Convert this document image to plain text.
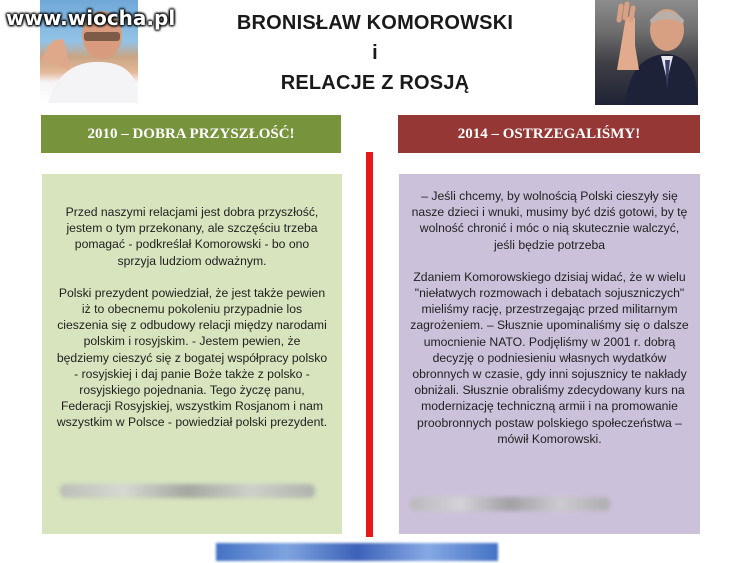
www.wiocha.pl	BRONISŁAW KOMOROWSKI
i
RELACJE Z ROSJĄ
2010 – DOBRA PRZYSZŁOŚĆ!	2014 – OSTRZEGALIŚMY!

Przed naszymi relacjami jest dobra przyszłość, jestem o tym przekonany, ale szczęściu trzeba pomagać - podkreślał Komorowski - bo ono sprzyja ludziom odważnym.

Polski prezydent powiedział, że jest także pewien iż to obecnemu pokoleniu przypadnie los cieszenia się z odbudowy relacji między narodami polskim i rosyjskim. - Jestem pewien, że będziemy cieszyć się z bogatej współpracy polsko - rosyjskiej i daj panie Boże także z polsko - rosyjskiego pojednania. Tego życzę panu, Federacji Rosyjskiej, wszystkim Rosjanom i nam wszystkim w Polsce - powiedział polski prezydent.

– Jeśli chcemy, by wolnością Polski cieszyły się nasze dzieci i wnuki, musimy być dziś gotowi, by tę wolność chronić i móc o nią skutecznie walczyć, jeśli będzie potrzeba

Zdaniem Komorowskiego dzisiaj widać, że w wielu "niełatwych rozmowach i debatach sojuszniczych" mieliśmy rację, przestrzegając przed militarnym zagrożeniem. – Słusznie upominaliśmy się o dalsze umocnienie NATO. Podjęliśmy w 2001 r. dobrą decyzję o podniesieniu własnych wydatków obronnych w czasie, gdy inni sojusznicy te nakłady obniżali. Słusznie obraliśmy zdecydowany kurs na modernizację techniczną armii i na promowanie proobronnych postaw polskiego społeczeństwa – mówił Komorowski.
